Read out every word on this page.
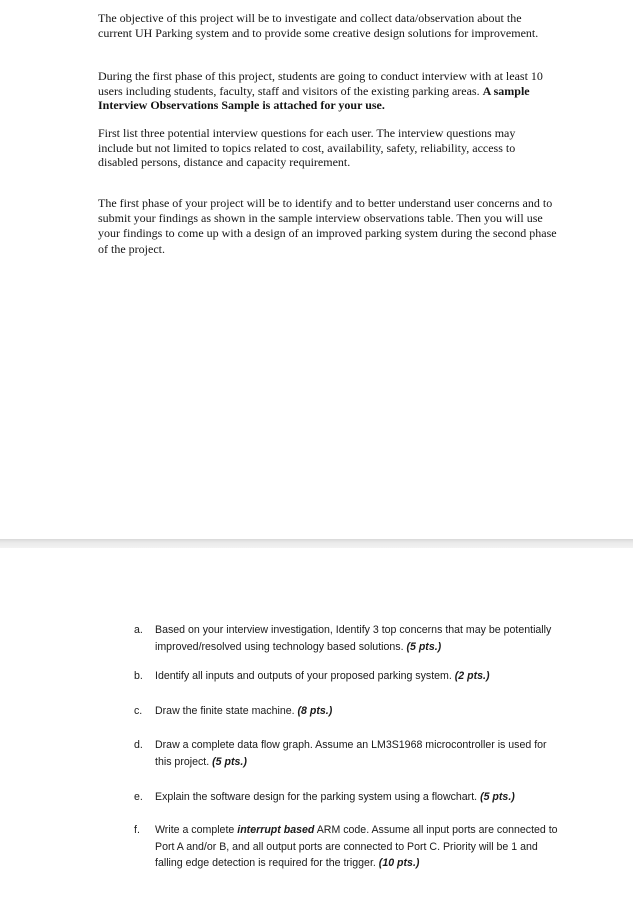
The objective of this project will be to investigate and collect data/observation about the current UH Parking system and to provide some creative design solutions for improvement.

During the first phase of this project, students are going to conduct interview with at least 10 users including students, faculty, staff and visitors of the existing parking areas. A sample Interview Observations Sample is attached for your use.

First list three potential interview questions for each user. The interview questions may include but not limited to topics related to cost, availability, safety, reliability, access to disabled persons, distance and capacity requirement.

The first phase of your project will be to identify and to better understand user concerns and to submit your findings as shown in the sample interview observations table. Then you will use your findings to come up with a design of an improved parking system during the second phase of the project.

a. Based on your interview investigation, Identify 3 top concerns that may be potentially improved/resolved using technology based solutions. (5 pts.)
b. Identify all inputs and outputs of your proposed parking system. (2 pts.)
c. Draw the finite state machine. (8 pts.)
d. Draw a complete data flow graph. Assume an LM3S1968 microcontroller is used for this project. (5 pts.)
e. Explain the software design for the parking system using a flowchart. (5 pts.)
f. Write a complete interrupt based ARM code. Assume all input ports are connected to Port A and/or B, and all output ports are connected to Port C. Priority will be 1 and falling edge detection is required for the trigger. (10 pts.)
